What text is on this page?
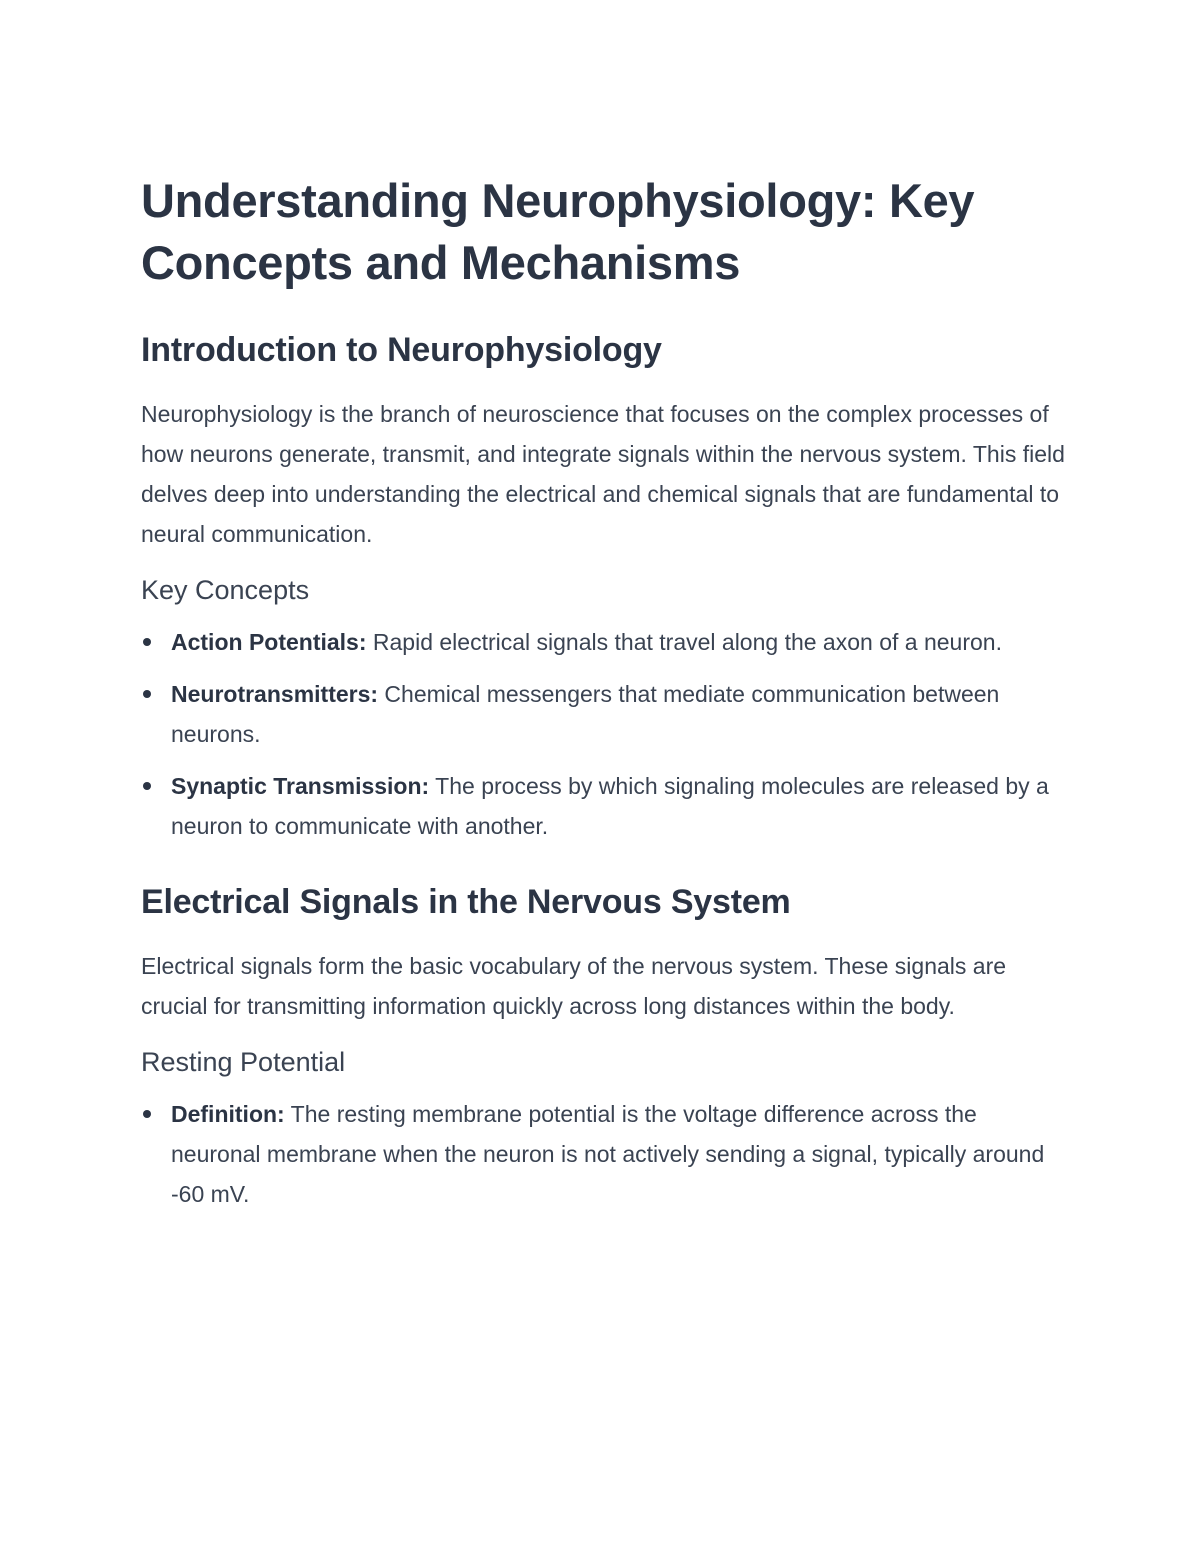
Understanding Neurophysiology: Key Concepts and Mechanisms
Introduction to Neurophysiology

Neurophysiology is the branch of neuroscience that focuses on the complex processes of how neurons generate, transmit, and integrate signals within the nervous system. This field delves deep into understanding the electrical and chemical signals that are fundamental to neural communication.

Key Concepts
Action Potentials: Rapid electrical signals that travel along the axon of a neuron.
Neurotransmitters: Chemical messengers that mediate communication between neurons.
Synaptic Transmission: The process by which signaling molecules are released by a neuron to communicate with another.
Electrical Signals in the Nervous System

Electrical signals form the basic vocabulary of the nervous system. These signals are crucial for transmitting information quickly across long distances within the body.

Resting Potential
Definition: The resting membrane potential is the voltage difference across the neuronal membrane when the neuron is not actively sending a signal, typically around -60 mV.
